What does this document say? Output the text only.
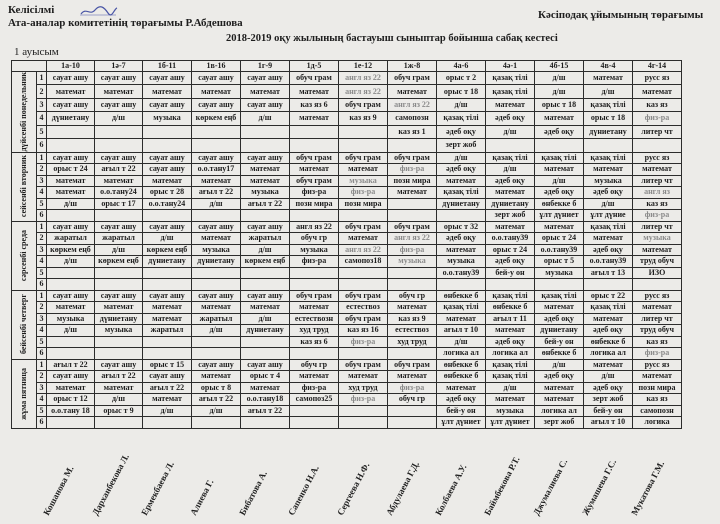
Келісілмі	Кәсіподақ ұйымының төрағымы
Ата-аналар комитетінің төрағымы Р.Абдешова
2018-2019 оқу жылының бастауыш сыныптар бойынша сабақ кестесі
1 ауысым
		1а-10	1ә-7	1б-11	1в-16	1г-9	1д-5	1е-12	1ж-8	4а-6	4ә-1	4б-15	4в-4	4г-14

дүйсенбі понедельник	1	сауат ашу	сауат ашу	сауат ашу	сауат ашу	сауат ашу	обуч грам	англ яз 22	обуч грам	орыс т 2	қазақ тілі	д/ш	математ	русс яз
	2	математ	математ	математ	математ	математ	математ	англ яз 22	математ	орыс т 18	қазақ тілі	д/ш	д/ш	математ
	3	сауат ашу	сауат ашу	сауат ашу	сауат ашу	сауат ашу	каз яз 6	обуч грам	англ яз 22	д/ш	математ	орыс т 18	қазақ тілі	каз яз
	4	дүниетану	д/ш	музыка	көркем еңб	д/ш	математ	каз яз 9	самопозн	қазақ тілі	әдеб оқу	математ	орыс т 18	физ-ра
	5								каз яз 1	әдеб оқу	д/ш	әдеб оқу	дүниетану	литер чт
	6									зерт жоб				

сейсенбі вторник	1	сауат ашу	сауат ашу	сауат ашу	сауат ашу	сауат ашу	обуч грам	обуч грам	обуч грам	д/ш	қазақ тілі	қазақ тілі	қазақ тілі	русс яз
	2	орыс т 24	ағыл т 22	сауат ашу	о.о.тану17	математ	математ	математ	физ-ра	әдеб оқу	д/ш	математ	математ	математ
	3	математ	математ	математ	математ	математ	обуч грам	музыка	позн мира	математ	әдеб оқу	д/ш	музыка	литер чт
	4	математ	о.о.тану24	орыс т 28	ағыл т 22	музыка	физ-ра	физ-ра	математ	қазақ тілі	математ	әдеб оқу	әдеб оқу	англ яз
	5	д/ш	орыс т 17	о.о.тану24	д/ш	ағыл т 22	позн мира	позн мира		дүниетану	дүниетану	өнбекке б	д/ш	каз яз
	6										зерт жоб	ұлт дүниет	ұлт дүние	физ-ра

сәрсенбі среда	1	сауат ашу	сауат ашу	сауат ашу	сауат ашу	сауат ашу	англ яз 22	обуч грам	обуч грам	орыс т 32	математ	математ	қазақ тілі	литер чт
	2	жаратыл	жаратыл	д/ш	математ	жаратыл	обуч гр	математ	англ яз 22	әдеб оқу	о.о.тану39	орыс т 24	математ	музыка
	3	көркем еңб	д/ш	көркем еңб	музыка	д/ш	музыка	англ яз 22	физ-ра	математ	орыс т 24	о.о.тану39	әдеб оқу	математ
	4	д/ш	көркем еңб	дүниетану	дүниетану	көркем еңб	физ-ра	самопоз18	музыка	музыка	әдеб оқу	орыс т 5	о.о.тану39	труд обуч
	5									о.о.тану39	бей-у он	музыка	ағыл т 13	ИЗО
	6													

бейсенбі четверг	1	сауат ашу	сауат ашу	сауат ашу	сауат ашу	сауат ашу	обуч грам	обуч грам	обуч гр	өнбекке б	қазақ тілі	қазақ тілі	орыс т 22	русс яз
	2	математ	математ	математ	математ	математ	математ	естествоз	математ	қазақ тілі	өнбекке б	математ	қазақ тілі	математ
	3	музыка	дүниетану	математ	жаратыл	д/ш	естествозн	обуч грам	каз яз 9	математ	ағыл т 11	әдеб оқу	математ	литер чт
	4	д/ш	музыка	жаратыл	д/ш	дүниетану	худ труд	каз яз 16	естествоз	ағыл т 10	математ	дүниетану	әдеб оқу	труд обуч
	5						каз яз 6	физ-ра	худ труд	д/ш	әдеб оқу	бей-у он	өнбекке б	каз яз
	6									логика ал	логика ал	өнбекке б	логика ал	физ-ра

жұма пятница	1	ағыл т 22	сауат ашу	орыс т 15	сауат ашу	сауат ашу	обуч гр	обуч грам	обуч грам	өнбекке б	қазақ тілі	д/ш	математ	русс яз
	2	сауат ашу	ағыл т 22	сауат ашу	математ	орыс т 4	математ	математ	математ	өнбекке б	қазақ тілі	әдеб оқу	д/ш	математ
	3	математ	математ	ағыл т 22	орыс т 8	математ	физ-ра	худ труд	физ-ра	математ	д/ш	математ	әдеб оқу	позн мира
	4	орыс т 12	д/ш	математ	ағыл т 22	о.о.тану18	самопоз25	физ-ра	обуч гр	әдеб оқу	математ	математ	зерт жоб	каз яз
	5	о.о.тану 18	орыс т 9	д/ш	д/ш	ағыл т 22				бей-у он	музыка	логика ал	бей-у он	самопозн
	6									ұлт дүниет	ұлт дүниет	зерт жоб	ағыл т 10	логика
Кошанова М. Дарханбекова Л. Ермекбаева Л. Алиева Г. Бибатова А. Сапенко Н.А. Сергеева Н.Ф. Абдулаева Г.Д. Колбаева А.У. Баймбекова Р.Т. Джумалиева С. Жумашева Г.С. Мукатова Г.М.
